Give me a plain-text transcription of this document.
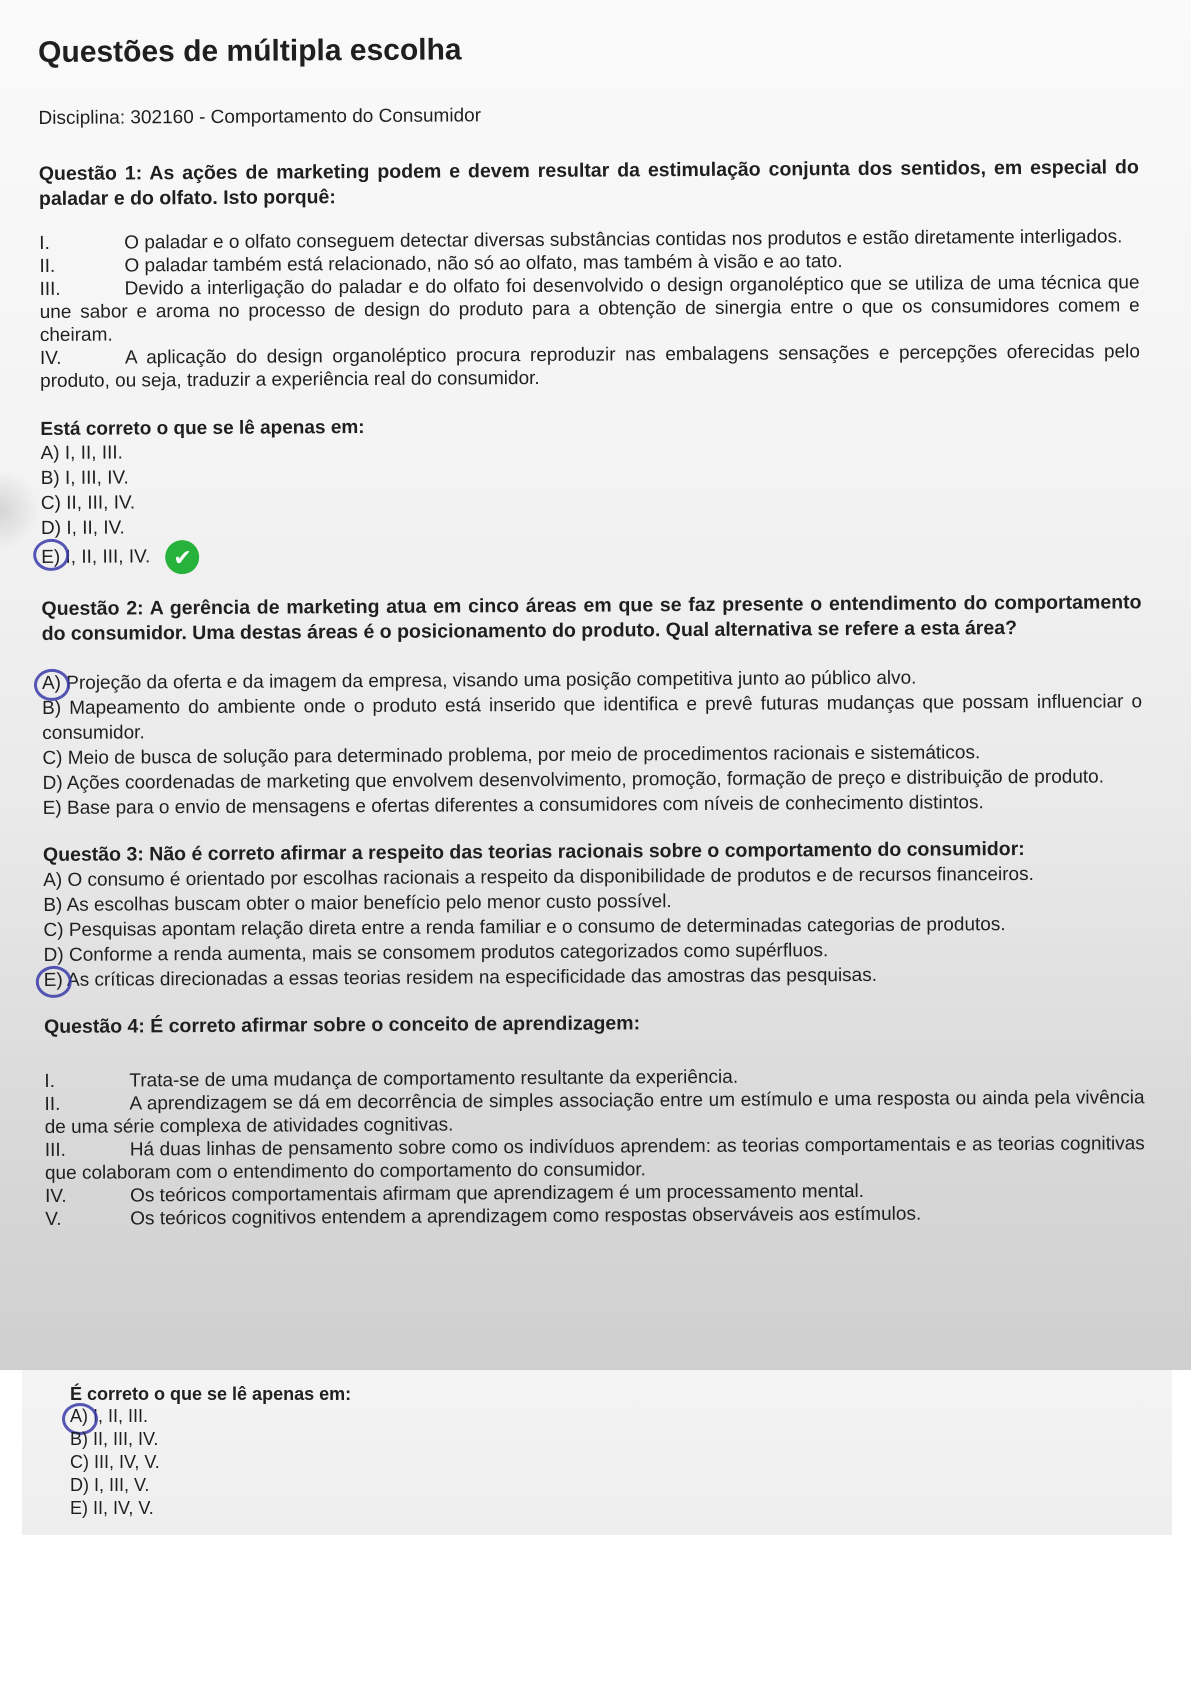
Questões de múltipla escolha
Disciplina: 302160 - Comportamento do Consumidor
Questão 1: As ações de marketing podem e devem resultar da estimulação conjunta dos sentidos, em especial do paladar e do olfato. Isto porquê:
I.	O paladar e o olfato conseguem detectar diversas substâncias contidas nos produtos e estão diretamente interligados.
II.	O paladar também está relacionado, não só ao olfato, mas também à visão e ao tato.
III.	Devido a interligação do paladar e do olfato foi desenvolvido o design organoléptico que se utiliza de uma técnica que une sabor e aroma no processo de design do produto para a obtenção de sinergia entre o que os consumidores comem e cheiram.
IV.	A aplicação do design organoléptico procura reproduzir nas embalagens sensações e percepções oferecidas pelo produto, ou seja, traduzir a experiência real do consumidor.
Está correto o que se lê apenas em:
A) I, II, III.
B) I, III, IV.
C) II, III, IV.
D) I, II, IV.
E) I, II, III, IV. ✔
Questão 2: A gerência de marketing atua em cinco áreas em que se faz presente o entendimento do comportamento do consumidor. Uma destas áreas é o posicionamento do produto. Qual alternativa se refere a esta área?
A) Projeção da oferta e da imagem da empresa, visando uma posição competitiva junto ao público alvo.
B) Mapeamento do ambiente onde o produto está inserido que identifica e prevê futuras mudanças que possam influenciar o consumidor.
C) Meio de busca de solução para determinado problema, por meio de procedimentos racionais e sistemáticos.
D) Ações coordenadas de marketing que envolvem desenvolvimento, promoção, formação de preço e distribuição de produto.
E) Base para o envio de mensagens e ofertas diferentes a consumidores com níveis de conhecimento distintos.
Questão 3: Não é correto afirmar a respeito das teorias racionais sobre o comportamento do consumidor:
A) O consumo é orientado por escolhas racionais a respeito da disponibilidade de produtos e de recursos financeiros.
B) As escolhas buscam obter o maior benefício pelo menor custo possível.
C) Pesquisas apontam relação direta entre a renda familiar e o consumo de determinadas categorias de produtos.
D) Conforme a renda aumenta, mais se consomem produtos categorizados como supérfluos.
E) As críticas direcionadas a essas teorias residem na especificidade das amostras das pesquisas.
Questão 4: É correto afirmar sobre o conceito de aprendizagem:
I.	Trata-se de uma mudança de comportamento resultante da experiência.
II.	A aprendizagem se dá em decorrência de simples associação entre um estímulo e uma resposta ou ainda pela vivência de uma série complexa de atividades cognitivas.
III.	Há duas linhas de pensamento sobre como os indivíduos aprendem: as teorias comportamentais e as teorias cognitivas que colaboram com o entendimento do comportamento do consumidor.
IV.	Os teóricos comportamentais afirmam que aprendizagem é um processamento mental.
V.	Os teóricos cognitivos entendem a aprendizagem como respostas observáveis aos estímulos.
É correto o que se lê apenas em:
A) I, II, III.
B) II, III, IV.
C) III, IV, V.
D) I, III, V.
E) II, IV, V.
